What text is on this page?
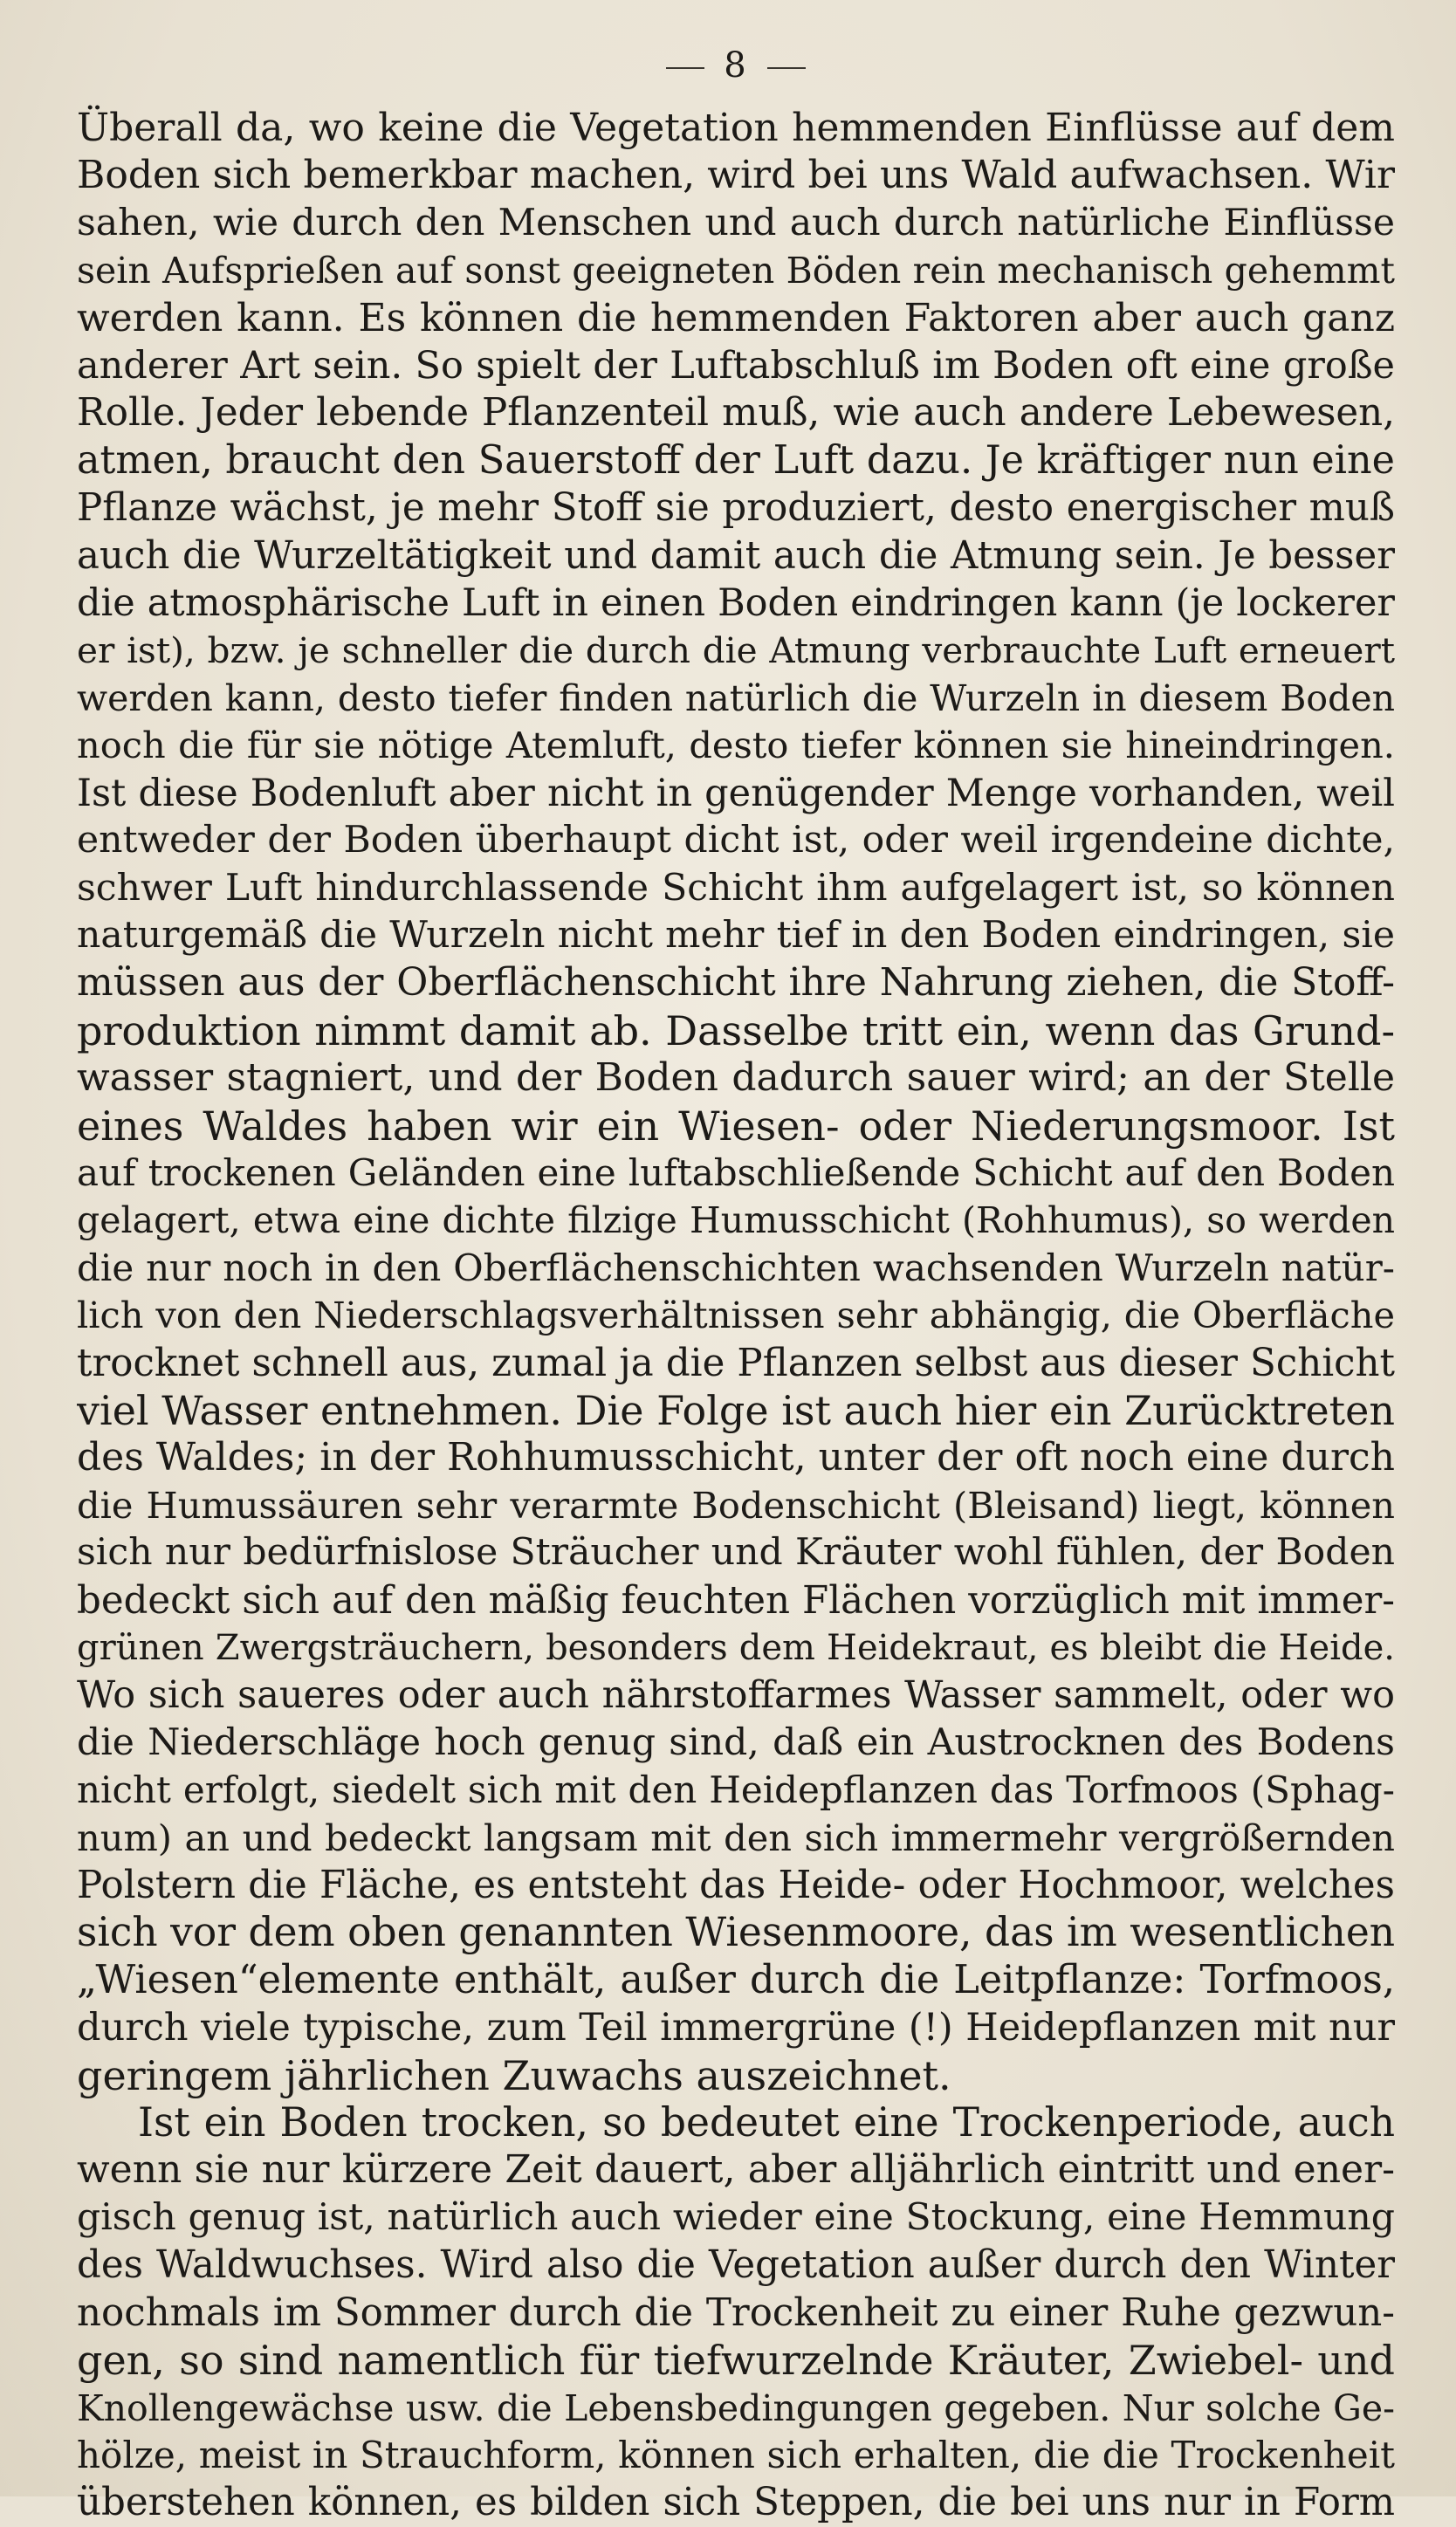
8
Überall da, wo keine die Vegetation hemmenden Einflüsse auf dem
Boden sich bemerkbar machen, wird bei uns Wald aufwachsen. Wir
sahen, wie durch den Menschen und auch durch natürliche Einflüsse
sein Aufsprießen auf sonst geeigneten Böden rein mechanisch gehemmt
werden kann. Es können die hemmenden Faktoren aber auch ganz
anderer Art sein. So spielt der Luftabschluß im Boden oft eine große
Rolle. Jeder lebende Pflanzenteil muß, wie auch andere Lebewesen,
atmen, braucht den Sauerstoff der Luft dazu. Je kräftiger nun eine
Pflanze wächst, je mehr Stoff sie produziert, desto energischer muß
auch die Wurzeltätigkeit und damit auch die Atmung sein. Je besser
die atmosphärische Luft in einen Boden eindringen kann (je lockerer
er ist), bzw. je schneller die durch die Atmung verbrauchte Luft erneuert
werden kann, desto tiefer finden natürlich die Wurzeln in diesem Boden
noch die für sie nötige Atemluft, desto tiefer können sie hineindringen.
Ist diese Bodenluft aber nicht in genügender Menge vorhanden, weil
entweder der Boden überhaupt dicht ist, oder weil irgendeine dichte,
schwer Luft hindurchlassende Schicht ihm aufgelagert ist, so können
naturgemäß die Wurzeln nicht mehr tief in den Boden eindringen, sie
müssen aus der Oberflächenschicht ihre Nahrung ziehen, die Stoff-
produktion nimmt damit ab. Dasselbe tritt ein, wenn das Grund-
wasser stagniert, und der Boden dadurch sauer wird; an der Stelle
eines Waldes haben wir ein Wiesen- oder Niederungsmoor. Ist
auf trockenen Geländen eine luftabschließende Schicht auf den Boden
gelagert, etwa eine dichte filzige Humusschicht (Rohhumus), so werden
die nur noch in den Oberflächenschichten wachsenden Wurzeln natür-
lich von den Niederschlagsverhältnissen sehr abhängig, die Oberfläche
trocknet schnell aus, zumal ja die Pflanzen selbst aus dieser Schicht
viel Wasser entnehmen. Die Folge ist auch hier ein Zurücktreten
des Waldes; in der Rohhumusschicht, unter der oft noch eine durch
die Humussäuren sehr verarmte Bodenschicht (Bleisand) liegt, können
sich nur bedürfnislose Sträucher und Kräuter wohl fühlen, der Boden
bedeckt sich auf den mäßig feuchten Flächen vorzüglich mit immer-
grünen Zwergsträuchern, besonders dem Heidekraut, es bleibt die Heide.
Wo sich saueres oder auch nährstoffarmes Wasser sammelt, oder wo
die Niederschläge hoch genug sind, daß ein Austrocknen des Bodens
nicht erfolgt, siedelt sich mit den Heidepflanzen das Torfmoos (Sphag-
num) an und bedeckt langsam mit den sich immermehr vergrößernden
Polstern die Fläche, es entsteht das Heide- oder Hochmoor, welches
sich vor dem oben genannten Wiesenmoore, das im wesentlichen
„Wiesen“elemente enthält, außer durch die Leitpflanze: Torfmoos,
durch viele typische, zum Teil immergrüne (!) Heidepflanzen mit nur
geringem jährlichen Zuwachs auszeichnet.
Ist ein Boden trocken, so bedeutet eine Trockenperiode, auch
wenn sie nur kürzere Zeit dauert, aber alljährlich eintritt und ener-
gisch genug ist, natürlich auch wieder eine Stockung, eine Hemmung
des Waldwuchses. Wird also die Vegetation außer durch den Winter
nochmals im Sommer durch die Trockenheit zu einer Ruhe gezwun-
gen, so sind namentlich für tiefwurzelnde Kräuter, Zwiebel- und
Knollengewächse usw. die Lebensbedingungen gegeben. Nur solche Ge-
hölze, meist in Strauchform, können sich erhalten, die die Trockenheit
überstehen können, es bilden sich Steppen, die bei uns nur in Form
